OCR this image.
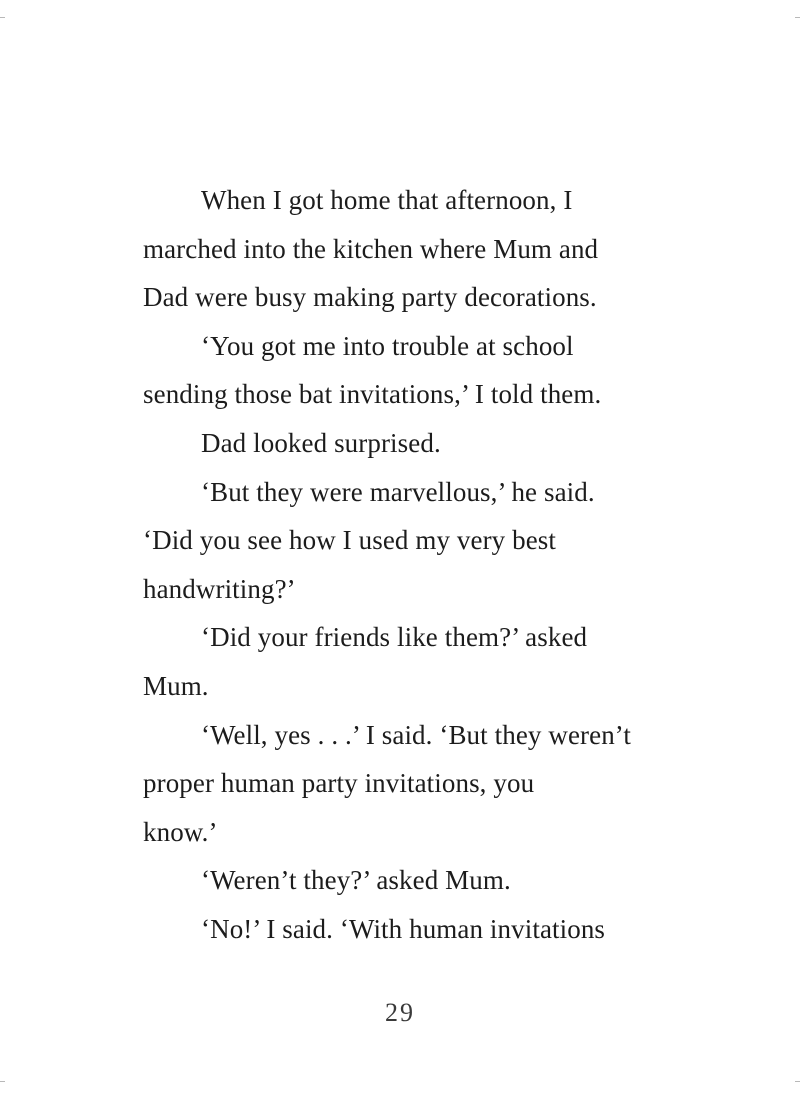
When I got home that afternoon, I

marched into the kitchen where Mum and

Dad were busy making party decorations.

‘You got me into trouble at school

sending those bat invitations,’ I told them.

Dad looked surprised.

‘But they were marvellous,’ he said.

‘Did you see how I used my very best

handwriting?’

‘Did your friends like them?’ asked

Mum.

‘Well, yes . . .’ I said. ‘But they weren’t

proper human party invitations, you

know.’

‘Weren’t they?’ asked Mum.

‘No!’ I said. ‘With human invitations

29
